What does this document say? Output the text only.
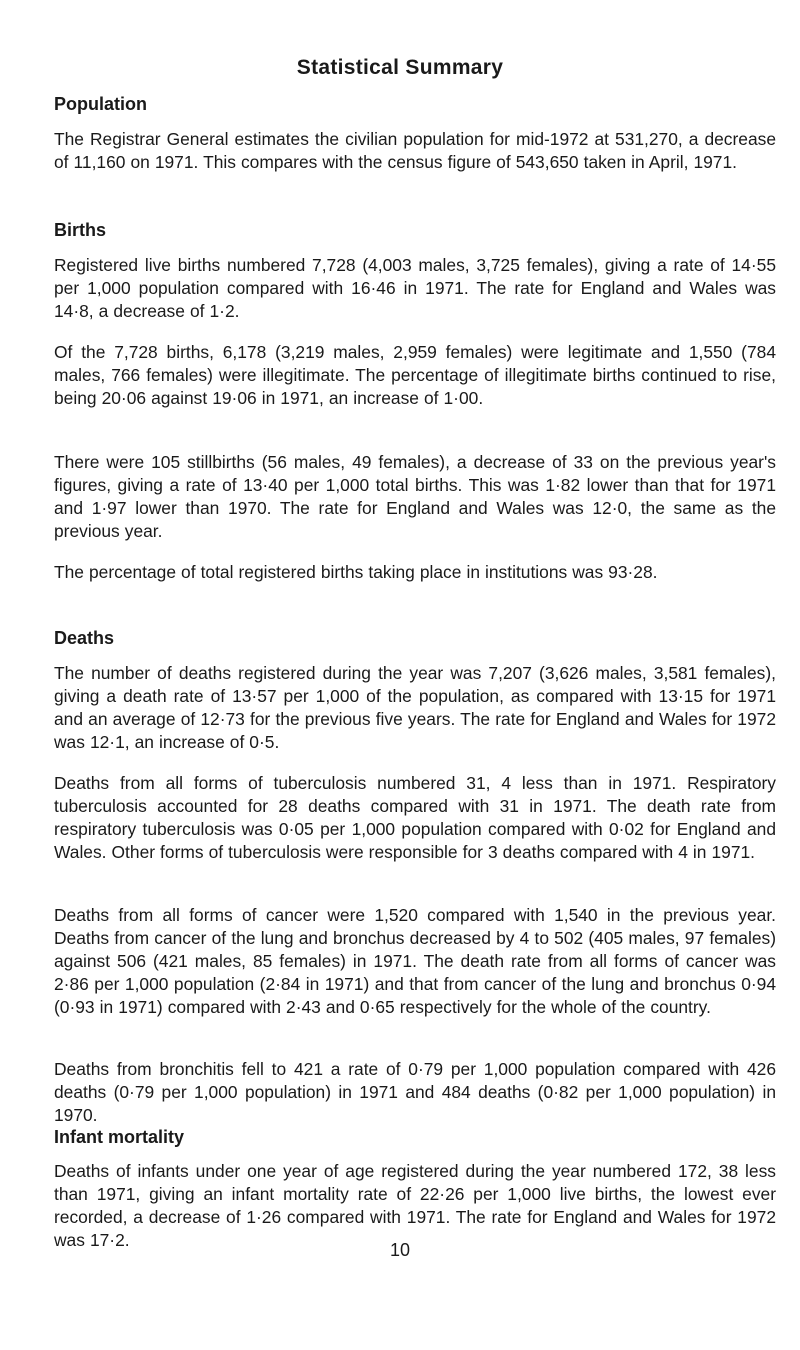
Statistical Summary
Population
The Registrar General estimates the civilian population for mid-1972 at 531,270, a decrease of 11,160 on 1971. This compares with the census figure of 543,650 taken in April, 1971.
Births
Registered live births numbered 7,728 (4,003 males, 3,725 females), giving a rate of 14·55 per 1,000 population compared with 16·46 in 1971. The rate for England and Wales was 14·8, a decrease of 1·2.
Of the 7,728 births, 6,178 (3,219 males, 2,959 females) were legitimate and 1,550 (784 males, 766 females) were illegitimate. The percentage of illegitimate births continued to rise, being 20·06 against 19·06 in 1971, an increase of 1·00.
There were 105 stillbirths (56 males, 49 females), a decrease of 33 on the previous year's figures, giving a rate of 13·40 per 1,000 total births. This was 1·82 lower than that for 1971 and 1·97 lower than 1970. The rate for England and Wales was 12·0, the same as the previous year.
The percentage of total registered births taking place in institutions was 93·28.
Deaths
The number of deaths registered during the year was 7,207 (3,626 males, 3,581 females), giving a death rate of 13·57 per 1,000 of the population, as compared with 13·15 for 1971 and an average of 12·73 for the previous five years. The rate for England and Wales for 1972 was 12·1, an increase of 0·5.
Deaths from all forms of tuberculosis numbered 31, 4 less than in 1971. Respiratory tuberculosis accounted for 28 deaths compared with 31 in 1971. The death rate from respiratory tuberculosis was 0·05 per 1,000 population compared with 0·02 for England and Wales. Other forms of tuberculosis were responsible for 3 deaths compared with 4 in 1971.
Deaths from all forms of cancer were 1,520 compared with 1,540 in the previous year. Deaths from cancer of the lung and bronchus decreased by 4 to 502 (405 males, 97 females) against 506 (421 males, 85 females) in 1971. The death rate from all forms of cancer was 2·86 per 1,000 population (2·84 in 1971) and that from cancer of the lung and bronchus 0·94 (0·93 in 1971) compared with 2·43 and 0·65 respectively for the whole of the country.
Deaths from bronchitis fell to 421 a rate of 0·79 per 1,000 population compared with 426 deaths (0·79 per 1,000 population) in 1971 and 484 deaths (0·82 per 1,000 population) in 1970.
Infant mortality
Deaths of infants under one year of age registered during the year numbered 172, 38 less than 1971, giving an infant mortality rate of 22·26 per 1,000 live births, the lowest ever recorded, a decrease of 1·26 compared with 1971. The rate for England and Wales for 1972 was 17·2.	10
